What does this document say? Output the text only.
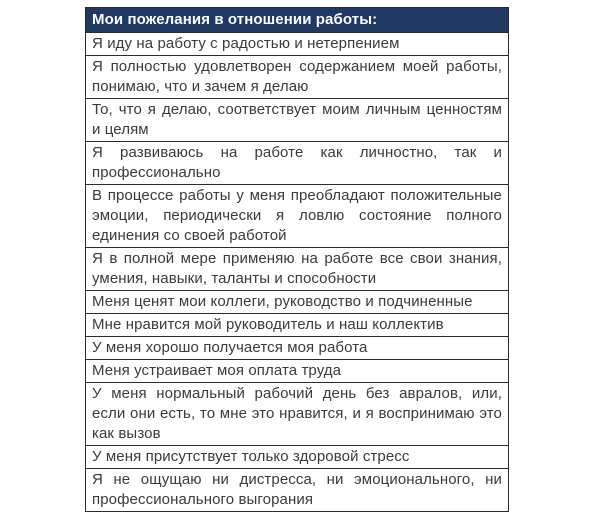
Мои пожелания в отношении работы:
Я иду на работу с радостью и нетерпением
Я полностью удовлетворен содержанием моей работы, понимаю, что и зачем я делаю
То, что я делаю, соответствует моим личным ценностям и целям
Я развиваюсь на работе как личностно, так и профессионально
В процессе работы у меня преобладают положительные эмоции, периодически я ловлю состояние полного единения со своей работой
Я в полной мере применяю на работе все свои знания, умения, навыки, таланты и способности
Меня ценят мои коллеги, руководство и подчиненные
Мне нравится мой руководитель и наш коллектив
У меня хорошо получается моя работа
Меня устраивает моя оплата труда
У меня нормальный рабочий день без авралов, или, если они есть, то мне это нравится, и я воспринимаю это как вызов
У меня присутствует только здоровой стресс
Я не ощущаю ни дистресса, ни эмоционального, ни профессионального выгорания
